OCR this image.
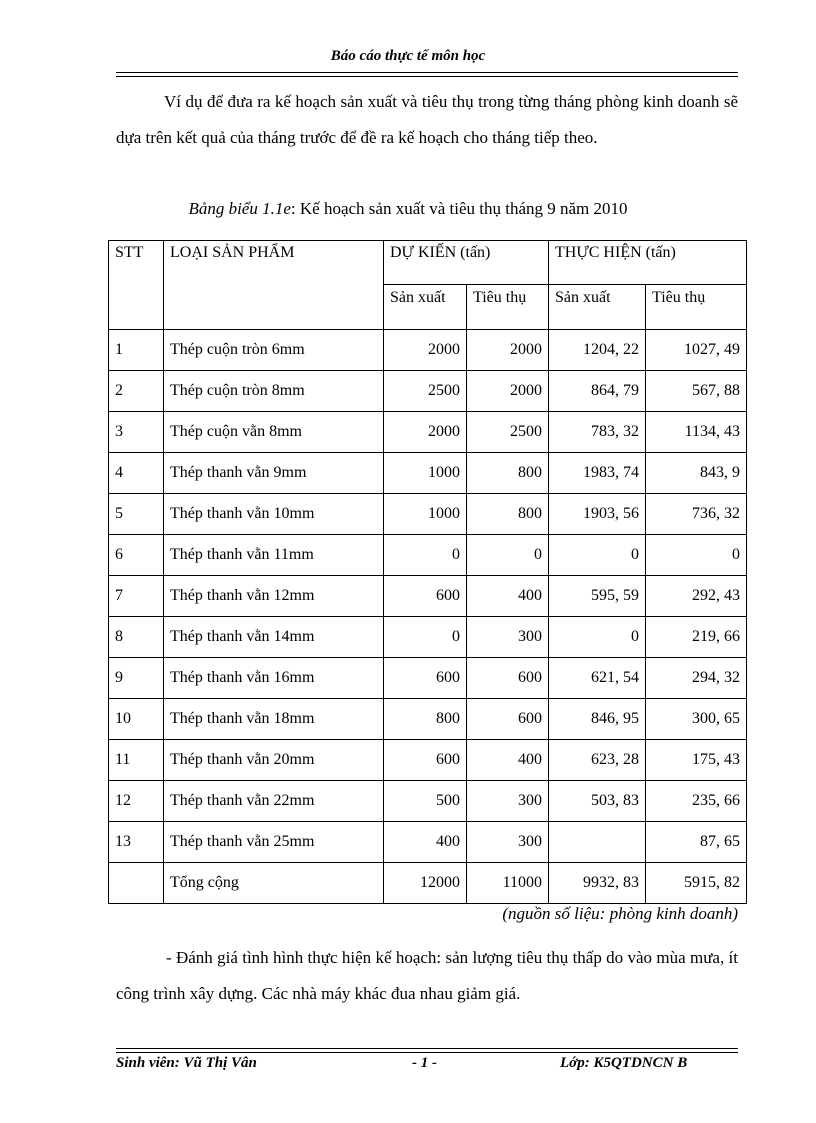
Báo cáo thực tế môn học
Ví dụ để đưa ra kế hoạch sản xuất và tiêu thụ trong từng tháng phòng kinh doanh sẽ dựa trên kết quả của tháng trước để đề ra kế hoạch cho tháng tiếp theo.
Bảng biểu 1.1e: Kế hoạch sản xuất và tiêu thụ tháng 9 năm 2010
STT	LOẠI SẢN PHẨM	DỰ KIẾN (tấn)		THỰC HIỆN (tấn)	
		Sản xuất	Tiêu thụ	Sản xuất	Tiêu thụ
1	Thép cuộn tròn 6mm	2000	2000	1204, 22	1027, 49
2	Thép cuộn tròn 8mm	2500	2000	864, 79	567, 88
3	Thép cuộn vằn 8mm	2000	2500	783, 32	1134, 43
4	Thép thanh vằn 9mm	1000	800	1983, 74	843, 9
5	Thép thanh vằn 10mm	1000	800	1903, 56	736, 32
6	Thép thanh vằn 11mm	0	0	0	0
7	Thép thanh vằn 12mm	600	400	595, 59	292, 43
8	Thép thanh vằn 14mm	0	300	0	219, 66
9	Thép thanh vằn 16mm	600	600	621, 54	294, 32
10	Thép thanh vằn 18mm	800	600	846, 95	300, 65
11	Thép thanh vằn 20mm	600	400	623, 28	175, 43
12	Thép thanh vằn 22mm	500	300	503, 83	235, 66
13	Thép thanh vằn 25mm	400	300		87, 65
	Tổng cộng	12000	11000	9932, 83	5915, 82
(nguồn số liệu: phòng kinh doanh)
- Đánh giá tình hình thực hiện kế hoạch: sản lượng tiêu thụ thấp do vào mùa mưa, ít công trình xây dựng. Các nhà máy khác đua nhau giảm giá.
Sinh viên: Vũ Thị Vân	- 1 -	Lớp: K5QTDNCN B
